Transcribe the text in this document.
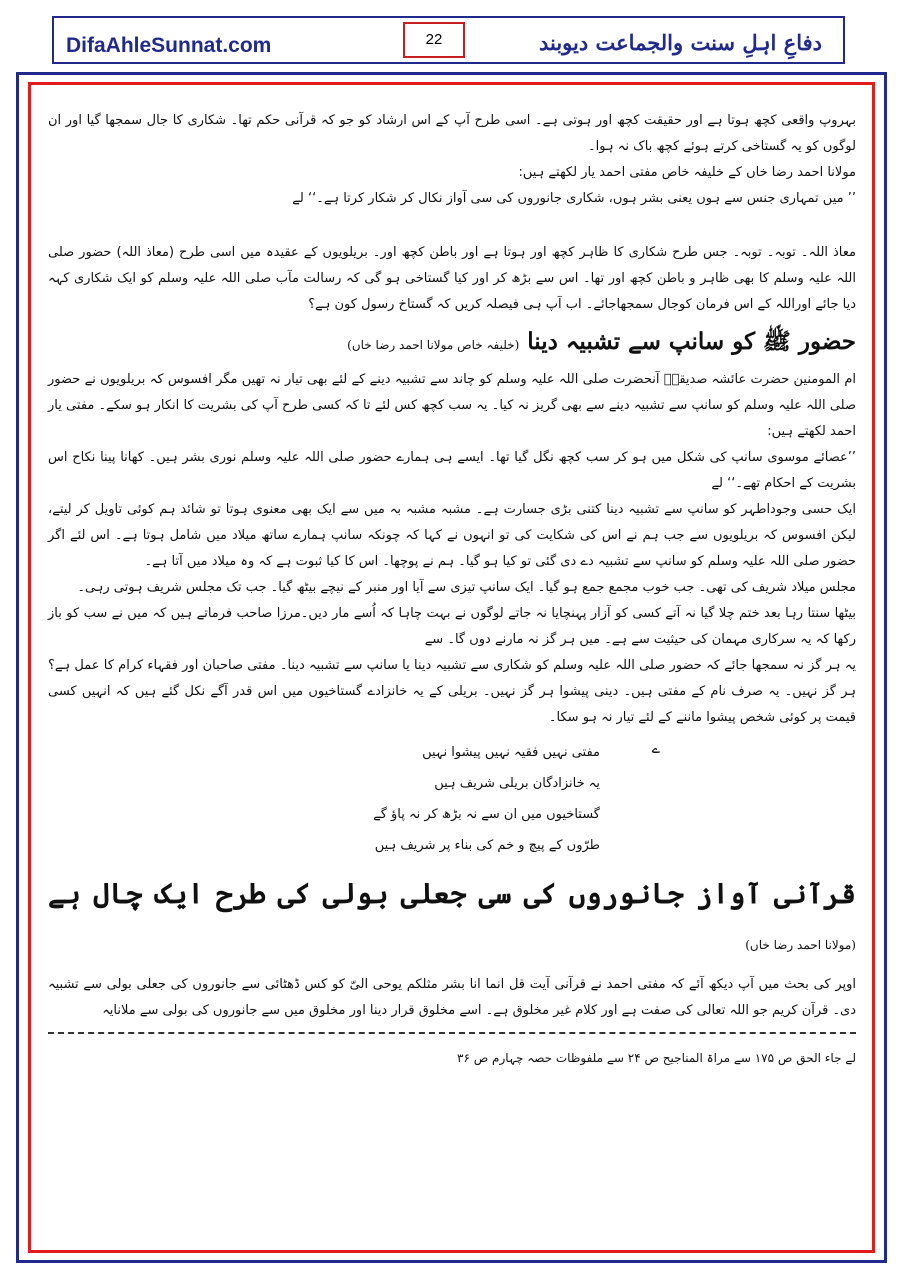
DifaAhleSunnat.com	22	دفاعِ اہلِ سنت والجماعت دیوبند

بہروپ واقعی کچھ ہوتا ہے اور حقیقت کچھ اور ہوتی ہے۔ اسی طرح آپ کے اس ارشاد کو جو کہ قرآنی حکم تھا۔ شکاری کا جال سمجھا گیا اور ان لوگوں کو یہ گستاخی کرتے ہوئے کچھ باک نہ ہوا۔

مولانا احمد رضا خاں کے خلیفہ خاص مفتی احمد یار لکھتے ہیں:

’’ میں تمہاری جنس سے ہوں یعنی بشر ہوں، شکاری جانوروں کی سی آواز نکال کر شکار کرتا ہے۔‘‘ لے

معاذ اللہ۔ توبہ۔ توبہ۔ جس طرح شکاری کا ظاہر کچھ اور ہوتا ہے اور باطن کچھ اور۔ بریلویوں کے عقیدہ میں اسی طرح (معاذ اللہ) حضور صلی اللہ علیہ وسلم کا بھی ظاہر و باطن کچھ اور تھا۔ اس سے بڑھ کر اور کیا گستاخی ہو گی کہ رسالت مآب صلی اللہ علیہ وسلم کو ایک شکاری کہہ دیا جائے اوراللہ کے اس فرمان کوجال سمجھاجائے۔ اب آپ ہی فیصلہ کریں کہ گستاخ رسول کون ہے؟

حضور ﷺ کو سانپ سے تشبیہ دینا (خلیفہ خاص مولانا احمد رضا خاں)

ام المومنین حضرت عائشہ صدیقہؓ آنحضرت صلی اللہ علیہ وسلم کو چاند سے تشبیہ دینے کے لئے بھی تیار نہ تھیں مگر افسوس کہ بریلویوں نے حضور صلی اللہ علیہ وسلم کو سانپ سے تشبیہ دینے سے بھی گریز نہ کیا۔ یہ سب کچھ کس لئے تا کہ کسی طرح آپ کی بشریت کا انکار ہو سکے۔ مفتی یار احمد لکھتے ہیں:

’’عصائے موسوی سانپ کی شکل میں ہو کر سب کچھ نگل گیا تھا۔ ایسے ہی ہمارے حضور صلی اللہ علیہ وسلم نوری بشر ہیں۔ کھانا پینا نکاح اس بشریت کے احکام تھے۔‘‘ لے

ایک حسی وجوداطہر کو سانپ سے تشبیہ دینا کتنی بڑی جسارت ہے۔ مشبہ مشبہ بہ میں سے ایک بھی معنوی ہوتا تو شائد ہم کوئی تاویل کر لیتے، لیکن افسوس کہ بریلویوں سے جب ہم نے اس کی شکایت کی تو انہوں نے کہا کہ چونکہ سانپ ہمارے ساتھ میلاد میں شامل ہوتا ہے۔ اس لئے اگر حضور صلی اللہ علیہ وسلم کو سانپ سے تشبیہ دے دی گئی تو کیا ہو گیا۔ ہم نے پوچھا۔ اس کا کیا ثبوت ہے کہ وہ میلاد میں آتا ہے۔

مجلس میلاد شریف کی تھی۔ جب خوب مجمع جمع ہو گیا۔ ایک سانپ تیزی سے آیا اور منبر کے نیچے بیٹھ گیا۔ جب تک مجلس شریف ہوتی رہی۔

بیٹھا سنتا رہا بعد ختم چلا گیا نہ آتے کسی کو آزار پہنچایا نہ جاتے لوگوں نے بہت چاہا کہ اُسے مار دیں۔مرزا صاحب فرماتے ہیں کہ میں نے سب کو باز رکھا کہ یہ سرکاری مہمان کی حیثیت سے ہے۔ میں ہر گز نہ مارنے دوں گا۔ سے

یہ ہر گز نہ سمجھا جائے کہ حضور صلی اللہ علیہ وسلم کو شکاری سے تشبیہ دینا یا سانپ سے تشبیہ دینا۔ مفتی صاحبان اور فقہاء کرام کا عمل ہے؟ ہر گز نہیں۔ یہ صرف نام کے مفتی ہیں۔ دینی پیشوا ہر گز نہیں۔ بریلی کے یہ خانزادے گستاخیوں میں اس قدر آگے نکل گئے ہیں کہ انہیں کسی قیمت پر کوئی شخص پیشوا ماننے کے لئے تیار نہ ہو سکا۔

ے
مفتی نہیں فقیہ نہیں پیشوا نہیں
یہ خانزادگان بریلی شریف ہیں
گستاخیوں میں ان سے نہ بڑھ کر نہ پاؤ گے
طرّوں کے پیچ و خم کی بناء پر شریف ہیں
قرآنی آواز جانوروں کی سی جعلی بولی کی طرح ایک چال ہے (مولانا احمد رضا خاں)

اوپر کی بحث میں آپ دیکھ آئے کہ مفتی احمد نے قرآنی آیت قل انما انا بشر مثلکم یوحی الیّ کو کس ڈھٹائی سے جانوروں کی جعلی بولی سے تشبیہ دی۔ قرآن کریم جو اللہ تعالی کی صفت ہے اور کلام غیر مخلوق ہے۔ اسے مخلوق قرار دینا اور مخلوق میں سے جانوروں کی بولی سے ملانایہ

لے جاء الحق ص ۱۷۵ سے مراۃ المناجیح ص ۲۴ سے ملفوظات حصہ چہارم ص ۳۶
